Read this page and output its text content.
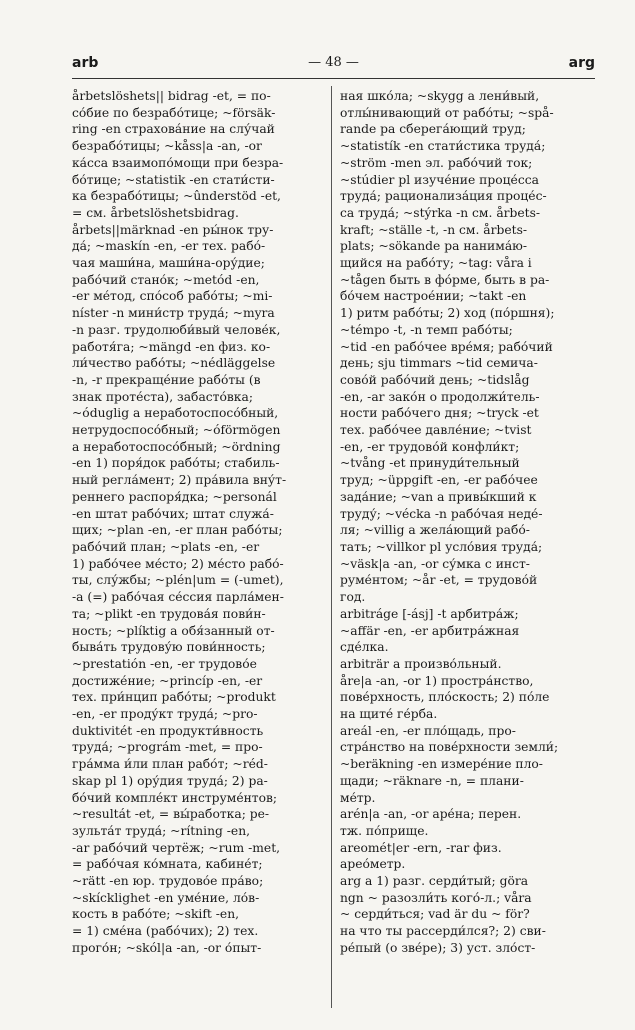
arb	— 48 —	arg
årbetslöshets|| bidrag -et, = по-
со́бие по безрабо́тице; ~försäk-
ring -en страхова́ние на слу́чай
безрабо́тицы; ~kåss|a -an, -or
ка́сса взаимопо́мощи при безра-
бо́тице; ~statistik -en стати́сти-
ка безрабо́тицы; ~ûnderstöd -et,
= см. årbetslöshetsbidrag.
årbets||märknad -en ры́нок тру-
да́; ~maskín -en, -er тех. рабо́-
чая маши́на, маши́на-ору́дие;
рабо́чий стано́к; ~metód -en,
-er ме́тод, спо́соб рабо́ты; ~mi-
níster -n мини́стр труда́; ~myra
-n разг. трудолюби́вый челове́к,
работя́га; ~mängd -en физ. ко-
ли́чество рабо́ты; ~nédläggelse
-n, -r прекраще́ние рабо́ты (в
знак проте́ста), забасто́вка;
~óduglig a неработоспосо́бный,
нетрудоспосо́бный; ~óförmögen
a неработоспосо́бный; ~ördning
-en 1) поря́док рабо́ты; стабиль-
ный регла́мент; 2) пра́вила вну́т-
реннего распоря́дка; ~personál
-en штат рабо́чих; штат служа́-
щих; ~plan -en, -er план рабо́ты;
рабо́чий план; ~plats -en, -er
1) рабо́чее ме́сто; 2) ме́сто рабо́-
ты, слу́жбы; ~plén|um = (-umet),
-a (=) рабо́чая се́ссия парла́мен-
та; ~plikt -en трудова́я пови́н-
ность; ~plíktig a обя́занный от-
быва́ть трудову́ю пови́нность;
~prestatión -en, -er трудово́е
достиже́ние; ~princíp -en, -er
тех. при́нцип рабо́ты; ~produkt
-en, -er проду́кт труда́; ~pro-
duktivitét -en продукти́вность
труда́; ~prográm -met, = про-
гра́мма и́ли план рабо́т; ~réd-
skap pl 1) ору́дия труда́; 2) ра-
бо́чий компле́кт инструме́нтов;
~resultát -et, = вы́работка; ре-
зульта́т труда́; ~rítning -en,
-ar рабо́чий чертёж; ~rum -met,
= рабо́чая ко́мната, кабине́т;
~rätt -en юр. трудово́е пра́во;
~skícklighet -en уме́ние, ло́в-
кость в рабо́те; ~skift -en,
= 1) сме́на (рабо́чих); 2) тех.
прого́н; ~skól|a -an, -or о́пыт-
ная шко́ла; ~skygg a лени́вый,
отлы́нивающий от рабо́ты; ~spå-
rande pa сберега́ющий труд;
~statistík -en стати́стика труда́;
~ström -men эл. рабо́чий ток;
~stúdier pl изуче́ние проце́сса
труда́; рационализа́ция проце́с-
са труда́; ~stýrka -n см. årbets-
kraft; ~ställe -t, -n см. årbets-
plats; ~sökande pa нанима́ю-
щийся на рабо́ту; ~tag: våra i
~tågen быть в фо́рме, быть в ра-
бо́чем настрое́нии; ~takt -en
1) ритм рабо́ты; 2) ход (по́ршня);
~témpo -t, -n темп рабо́ты;
~tid -en рабо́чее вре́мя; рабо́чий
день; sju timmars ~tid семича-
сово́й рабо́чий день; ~tidslåg
-en, -ar зако́н о продолжи́тель-
ности рабо́чего дня; ~tryck -et
тех. рабо́чее давле́ние; ~tvist
-en, -er трудово́й конфли́кт;
~tvång -et принуди́тельный
труд; ~üppgift -en, -er рабо́чее
зада́ние; ~van a привы́кший к
труду́; ~vécka -n рабо́чая неде́-
ля; ~villig a жела́ющий рабо́-
тать; ~villkor pl усло́вия труда́;
~väsk|a -an, -or су́мка с инст-
руме́нтом; ~år -et, = трудово́й
год.
arbitráge [-ásj] -t арбитра́ж;
~affär -en, -er арбитра́жная
сде́лка.
arbiträr a произво́льный.
åre|a -an, -or 1) простра́нство,
пове́рхность, пло́скость; 2) по́ле
на щите́ ге́рба.
areál -en, -er пло́щадь, про-
стра́нство на пове́рхности земли́;
~beräkning -en измере́ние пло-
щади; ~räknare -n, = плани-
ме́тр.
arén|a -an, -or аре́на; перен.
тж. по́прище.
areomét|er -ern, -rar физ.
арео́метр.
arg a 1) разг. серди́тый; göra
ngn ~ разозли́ть кого́-л.; våra
~ серди́ться; vad är du ~ för?
на что ты рассерди́лся?; 2) сви-
ре́пый (о зве́ре); 3) уст. зло́ст-
